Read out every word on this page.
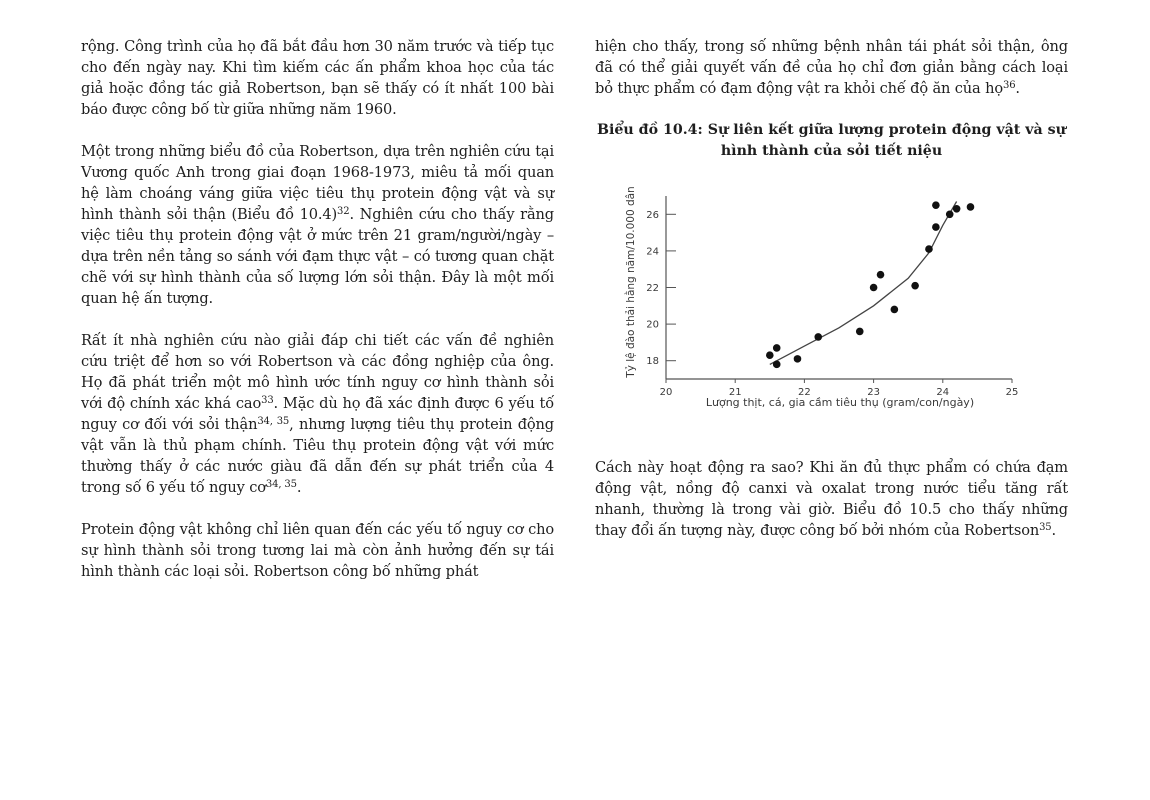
rộng. Công trình của họ đã bắt đầu hơn 30 năm trước và tiếp tục cho đến ngày nay. Khi tìm kiếm các ấn phẩm khoa học của tác giả hoặc đồng tác giả Robertson, bạn sẽ thấy có ít nhất 100 bài báo được công bố từ giữa những năm 1960.

Một trong những biểu đồ của Robertson, dựa trên nghiên cứu tại Vương quốc Anh trong giai đoạn 1968-1973, miêu tả mối quan hệ làm choáng váng giữa việc tiêu thụ protein động vật và sự hình thành sỏi thận (Biểu đồ 10.4)$^{32}$. Nghiên cứu cho thấy rằng việc tiêu thụ protein động vật ở mức trên 21 gram/người/ngày – dựa trên nền tảng so sánh với đạm thực vật – có tương quan chặt chẽ với sự hình thành của số lượng lớn sỏi thận. Đây là một mối quan hệ ấn tượng.

Rất ít nhà nghiên cứu nào giải đáp chi tiết các vấn đề nghiên cứu triệt để hơn so với Robertson và các đồng nghiệp của ông. Họ đã phát triển một mô hình ước tính nguy cơ hình thành sỏi với độ chính xác khá cao$^{33}$. Mặc dù họ đã xác định được 6 yếu tố nguy cơ đối với sỏi thận$^{34, 35}$, nhưng lượng tiêu thụ protein động vật vẫn là thủ phạm chính. Tiêu thụ protein động vật với mức thường thấy ở các nước giàu đã dẫn đến sự phát triển của 4 trong số 6 yếu tố nguy cơ$^{34, 35}$.

Protein động vật không chỉ liên quan đến các yếu tố nguy cơ cho sự hình thành sỏi trong tương lai mà còn ảnh hưởng đến sự tái hình thành các loại sỏi. Robertson công bố những phát

hiện cho thấy, trong số những bệnh nhân tái phát sỏi thận, ông đã có thể giải quyết vấn đề của họ chỉ đơn giản bằng cách loại bỏ thực phẩm có đạm động vật ra khỏi chế độ ăn của họ$^{36}$.

Biểu đồ 10.4: Sự liên kết giữa lượng protein động vật và sự
hình thành của sỏi tiết niệu
20	21	22	23	24	25
18
20
22
24
26
Tỷ lệ đào thải hằng năm/10.000 dân
Lượng thịt, cá, gia cầm tiêu thụ (gram/con/ngày)

Cách này hoạt động ra sao? Khi ăn đủ thực phẩm có chứa đạm động vật, nồng độ canxi và oxalat trong nước tiểu tăng rất nhanh, thường là trong vài giờ. Biểu đồ 10.5 cho thấy những thay đổi ấn tượng này, được công bố bởi nhóm của Robertson$^{35}$.
